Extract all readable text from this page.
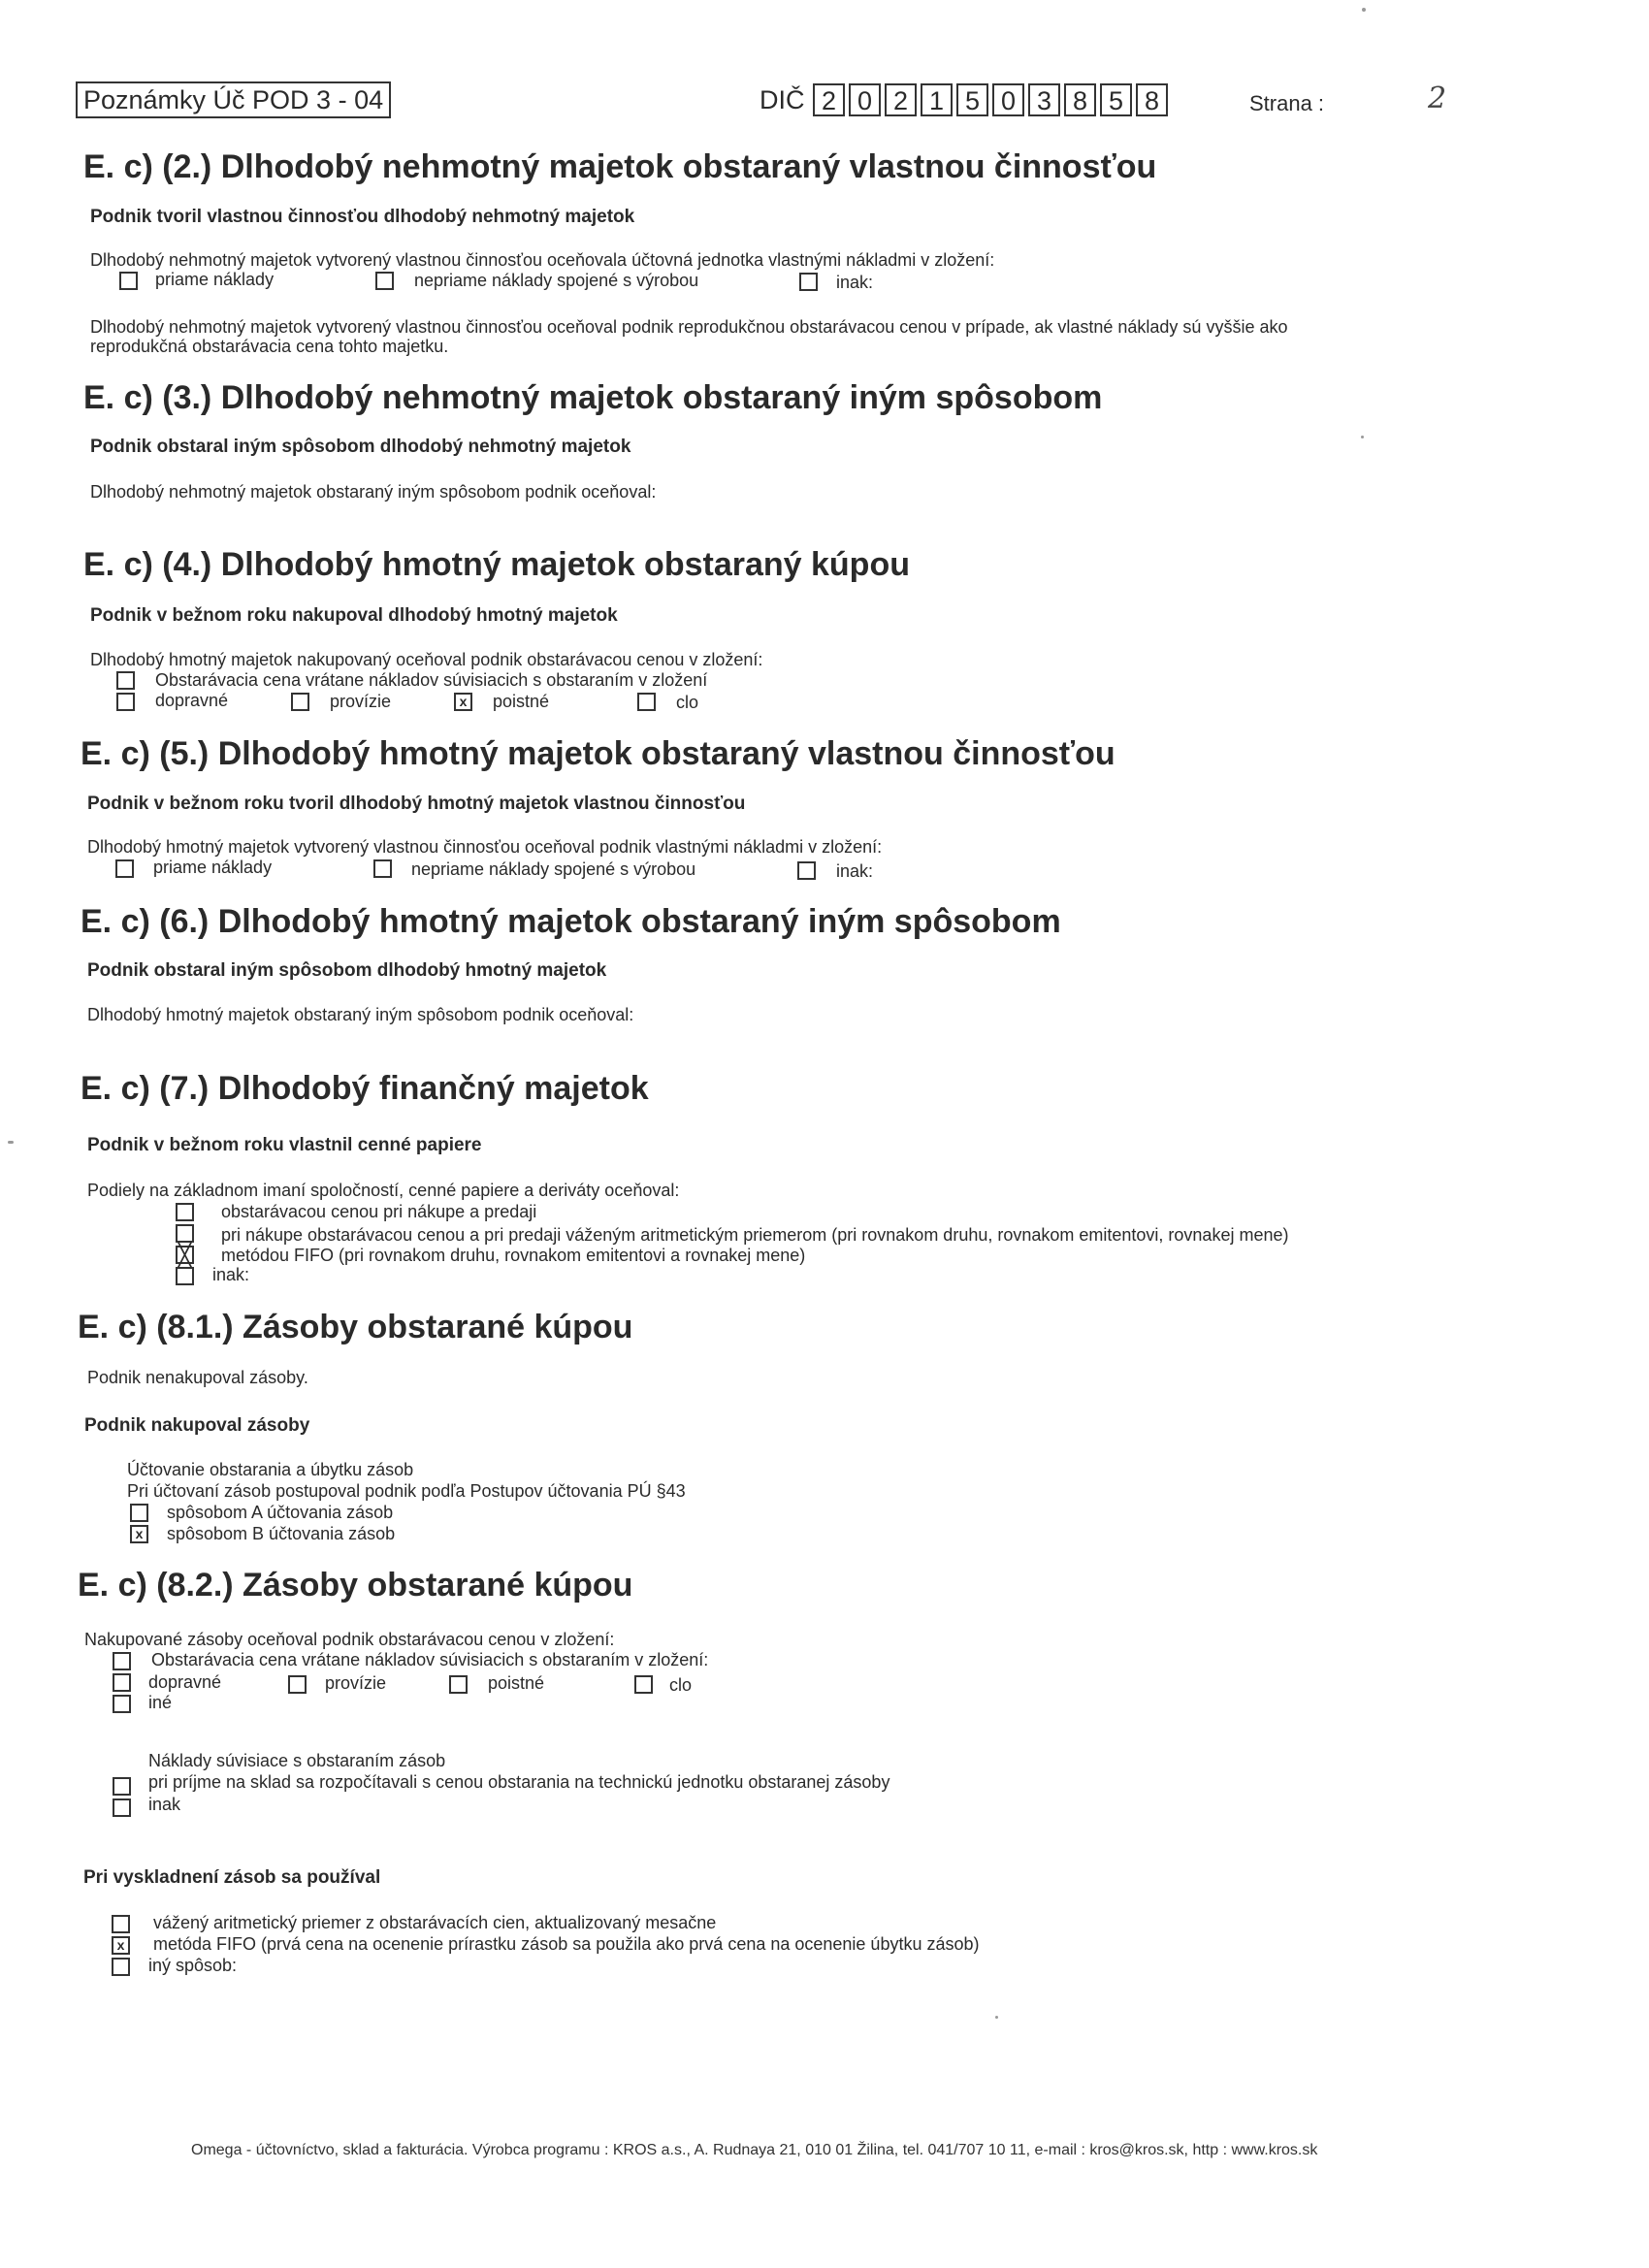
Poznámky Úč POD 3 - 04	DIČ 2 0 2 1 5 0 3 8 5 8	Strana :	2
E. c) (2.) Dlhodobý nehmotný majetok obstaraný vlastnou činnosťou
Podnik tvoril vlastnou činnosťou dlhodobý nehmotný majetok
Dlhodobý nehmotný majetok vytvorený vlastnou činnosťou oceňovala účtovná jednotka vlastnými nákladmi v zložení:
priame náklady	nepriame náklady spojené s výrobou	inak:
Dlhodobý nehmotný majetok vytvorený vlastnou činnosťou oceňoval podnik reprodukčnou obstarávacou cenou v prípade, ak vlastné náklady sú vyššie ako
reprodukčná obstarávacia cena tohto majetku.
E. c) (3.) Dlhodobý nehmotný majetok obstaraný iným spôsobom
Podnik obstaral iným spôsobom dlhodobý nehmotný majetok
Dlhodobý nehmotný majetok obstaraný iným spôsobom podnik oceňoval:
E. c) (4.) Dlhodobý hmotný majetok obstaraný kúpou
Podnik v bežnom roku nakupoval dlhodobý hmotný majetok
Dlhodobý hmotný majetok nakupovaný oceňoval podnik obstarávacou cenou v zložení:
Obstarávacia cena vrátane nákladov súvisiacich s obstaraním v zložení
dopravné	provízie	x	poistné	clo
E. c) (5.) Dlhodobý hmotný majetok obstaraný vlastnou činnosťou
Podnik v bežnom roku tvoril dlhodobý hmotný majetok vlastnou činnosťou
Dlhodobý hmotný majetok vytvorený vlastnou činnosťou oceňoval podnik vlastnými nákladmi v zložení:
priame náklady	nepriame náklady spojené s výrobou	inak:
E. c) (6.) Dlhodobý hmotný majetok obstaraný iným spôsobom
Podnik obstaral iným spôsobom dlhodobý hmotný majetok
Dlhodobý hmotný majetok obstaraný iným spôsobom podnik oceňoval:
E. c) (7.) Dlhodobý finančný majetok
Podnik v bežnom roku vlastnil cenné papiere
Podiely na základnom imaní spoločností, cenné papiere a deriváty oceňoval:
obstarávacou cenou pri nákupe a predaji
pri nákupe obstarávacou cenou a pri predaji váženým aritmetickým priemerom (pri rovnakom druhu, rovnakom emitentovi, rovnakej mene)
╳ metódou FIFO (pri rovnakom druhu, rovnakom emitentovi a rovnakej mene)
inak:
E. c) (8.1.) Zásoby obstarané kúpou
Podnik nenakupoval zásoby.
Podnik nakupoval zásoby
Účtovanie obstarania a úbytku zásob
Pri účtovaní zásob postupoval podnik podľa Postupov účtovania PÚ §43
spôsobom A účtovania zásob
x	spôsobom B účtovania zásob
E. c) (8.2.) Zásoby obstarané kúpou
Nakupované zásoby oceňoval podnik obstarávacou cenou v zložení:
Obstarávacia cena vrátane nákladov súvisiacich s obstaraním v zložení:
dopravné	provízie	poistné	clo
iné
Náklady súvisiace s obstaraním zásob
pri príjme na sklad sa rozpočítavali s cenou obstarania na technickú jednotku obstaranej zásoby
inak
Pri vyskladnení zásob sa používal
vážený aritmetický priemer z obstarávacích cien, aktualizovaný mesačne
x	metóda FIFO (prvá cena na ocenenie prírastku zásob sa použila ako prvá cena na ocenenie úbytku zásob)
iný spôsob:
Omega - účtovníctvo, sklad a fakturácia. Výrobca programu : KROS a.s., A. Rudnaya 21, 010 01 Žilina, tel. 041/707 10 11, e-mail : kros@kros.sk, http : www.kros.sk
